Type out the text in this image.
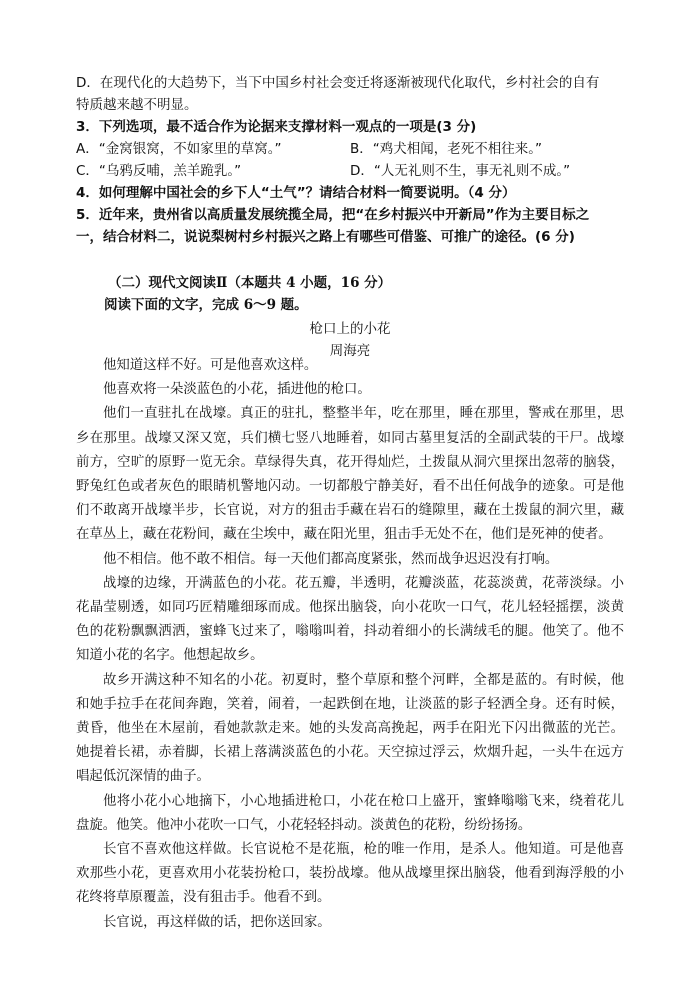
D．在现代化的大趋势下，当下中国乡村社会变迁将逐渐被现代化取代，乡村社会的自有
特质越来越不明显。
3．下列选项，最不适合作为论据来支撑材料一观点的一项是(3 分)
A．“金窝银窝，不如家里的草窝。”	B．“鸡犬相闻，老死不相往来。”
C．“乌鸦反哺，羔羊跪乳。”	D．“人无礼则不生，事无礼则不成。”
4．如何理解中国社会的乡下人“土气”？请结合材料一简要说明。（4 分）
5．近年来，贵州省以高质量发展统揽全局，把“在乡村振兴中开新局”作为主要目标之
一，结合材料二，说说梨树村乡村振兴之路上有哪些可借鉴、可推广的途径。(6 分)
（二）现代文阅读Ⅱ（本题共 4 小题，16 分）
阅读下面的文字，完成 6～9 题。
枪口上的小花
周海亮

他知道这样不好。可是他喜欢这样。

他喜欢将一朵淡蓝色的小花，插进他的枪口。

他们一直驻扎在战壕。真正的驻扎，整整半年，吃在那里，睡在那里，警戒在那里，思乡在那里。战壕又深又宽，兵们横七竖八地睡着，如同古墓里复活的全副武装的干尸。战壕前方，空旷的原野一览无余。草绿得失真，花开得灿烂，土拨鼠从洞穴里探出忽蒂的脑袋，野兔红色或者灰色的眼睛机警地闪动。一切都般宁静美好，看不出任何战争的迹象。可是他们不敢离开战壕半步，长官说，对方的狙击手藏在岩石的缝隙里，藏在土拨鼠的洞穴里，藏在草丛上，藏在花粉间，藏在尘埃中，藏在阳光里，狙击手无处不在，他们是死神的使者。

他不相信。他不敢不相信。每一天他们都高度紧张，然而战争迟迟没有打响。

战壕的边缘，开满蓝色的小花。花五瓣，半透明，花瓣淡蓝，花蕊淡黄，花蒂淡绿。小花晶莹剔透，如同巧匠精雕细琢而成。他探出脑袋，向小花吹一口气，花儿轻轻摇摆，淡黄色的花粉飘飘洒洒，蜜蜂飞过来了，嗡嗡叫着，抖动着细小的长满绒毛的腿。他笑了。他不知道小花的名字。他想起故乡。

故乡开满这种不知名的小花。初夏时，整个草原和整个河畔，全都是蓝的。有时候，他和她手拉手在花间奔跑，笑着，闹着，一起跌倒在地，让淡蓝的影子轻洒全身。还有时候，黄昏，他坐在木屋前，看她款款走来。她的头发高高挽起，两手在阳光下闪出微蓝的光芒。她提着长裙，赤着脚，长裙上落满淡蓝色的小花。天空掠过浮云，炊烟升起，一头牛在远方唱起低沉深情的曲子。

他将小花小心地摘下，小心地插进枪口，小花在枪口上盛开，蜜蜂嗡嗡飞来，绕着花儿盘旋。他笑。他冲小花吹一口气，小花轻轻抖动。淡黄色的花粉，纷纷扬扬。

长官不喜欢他这样做。长官说枪不是花瓶，枪的唯一作用，是杀人。他知道。可是他喜欢那些小花，更喜欢用小花装扮枪口，装扮战壕。他从战壕里探出脑袋，他看到海浮般的小花终将草原覆盖，没有狙击手。他看不到。

长官说，再这样做的话，把你送回家。
